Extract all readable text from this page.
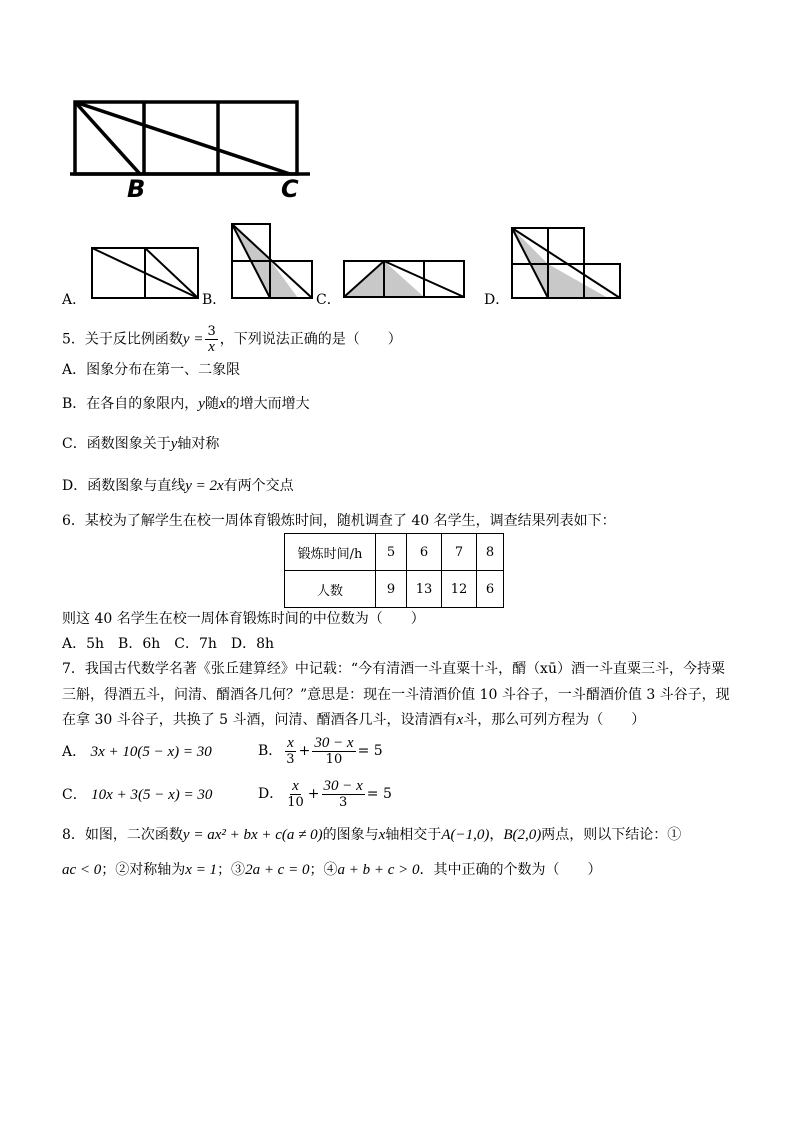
B	C
A．	B．	C．	D．
5．关于反比例函数$y = \frac{3}{x}$ ，下列说法正确的是（　　）
A．图象分布在第一、二象限
B．在各自的象限内，y随x的增大而增大
C．函数图象关于y轴对称
D．函数图象与直线y = 2x有两个交点
6．某校为了解学生在校一周体育锻炼时间，随机调查了 40 名学生，调查结果列表如下：
锻炼时间/h	5	6	7	8
人数	9	13	12	6
则这 40 名学生在校一周体育锻炼时间的中位数为（　　）
A．5h　B．6h　C．7h　D．8h
7．我国古代数学名著《张丘建算经》中记载：“今有清酒一斗直粟十斗，醑（xū）酒一斗直粟三斗，今持粟
三斛，得酒五斗，问清、醑酒各几何？”意思是：现在一斗清酒价值 10 斗谷子，一斗醑酒价值 3 斗谷子，现
在拿 30 斗谷子，共换了 5 斗酒，问清、醑酒各几斗，设清酒有x斗，那么可列方程为（　　）
A． 3x + 10(5 − x) = 30	B． $\frac{x}{3} + \frac{30 - x}{10} = 5$
C． 10x + 3(5 − x) = 30	D． $\frac{x}{10} + \frac{30 - x}{3} = 5$
8．如图，二次函数y = ax² + bx + c(a ≠ 0)的图象与x轴相交于A(−1,0)，B(2,0)两点，则以下结论：①
ac < 0；②对称轴为x = 1；③2a + c = 0；④a + b + c > 0．其中正确的个数为（　　）
